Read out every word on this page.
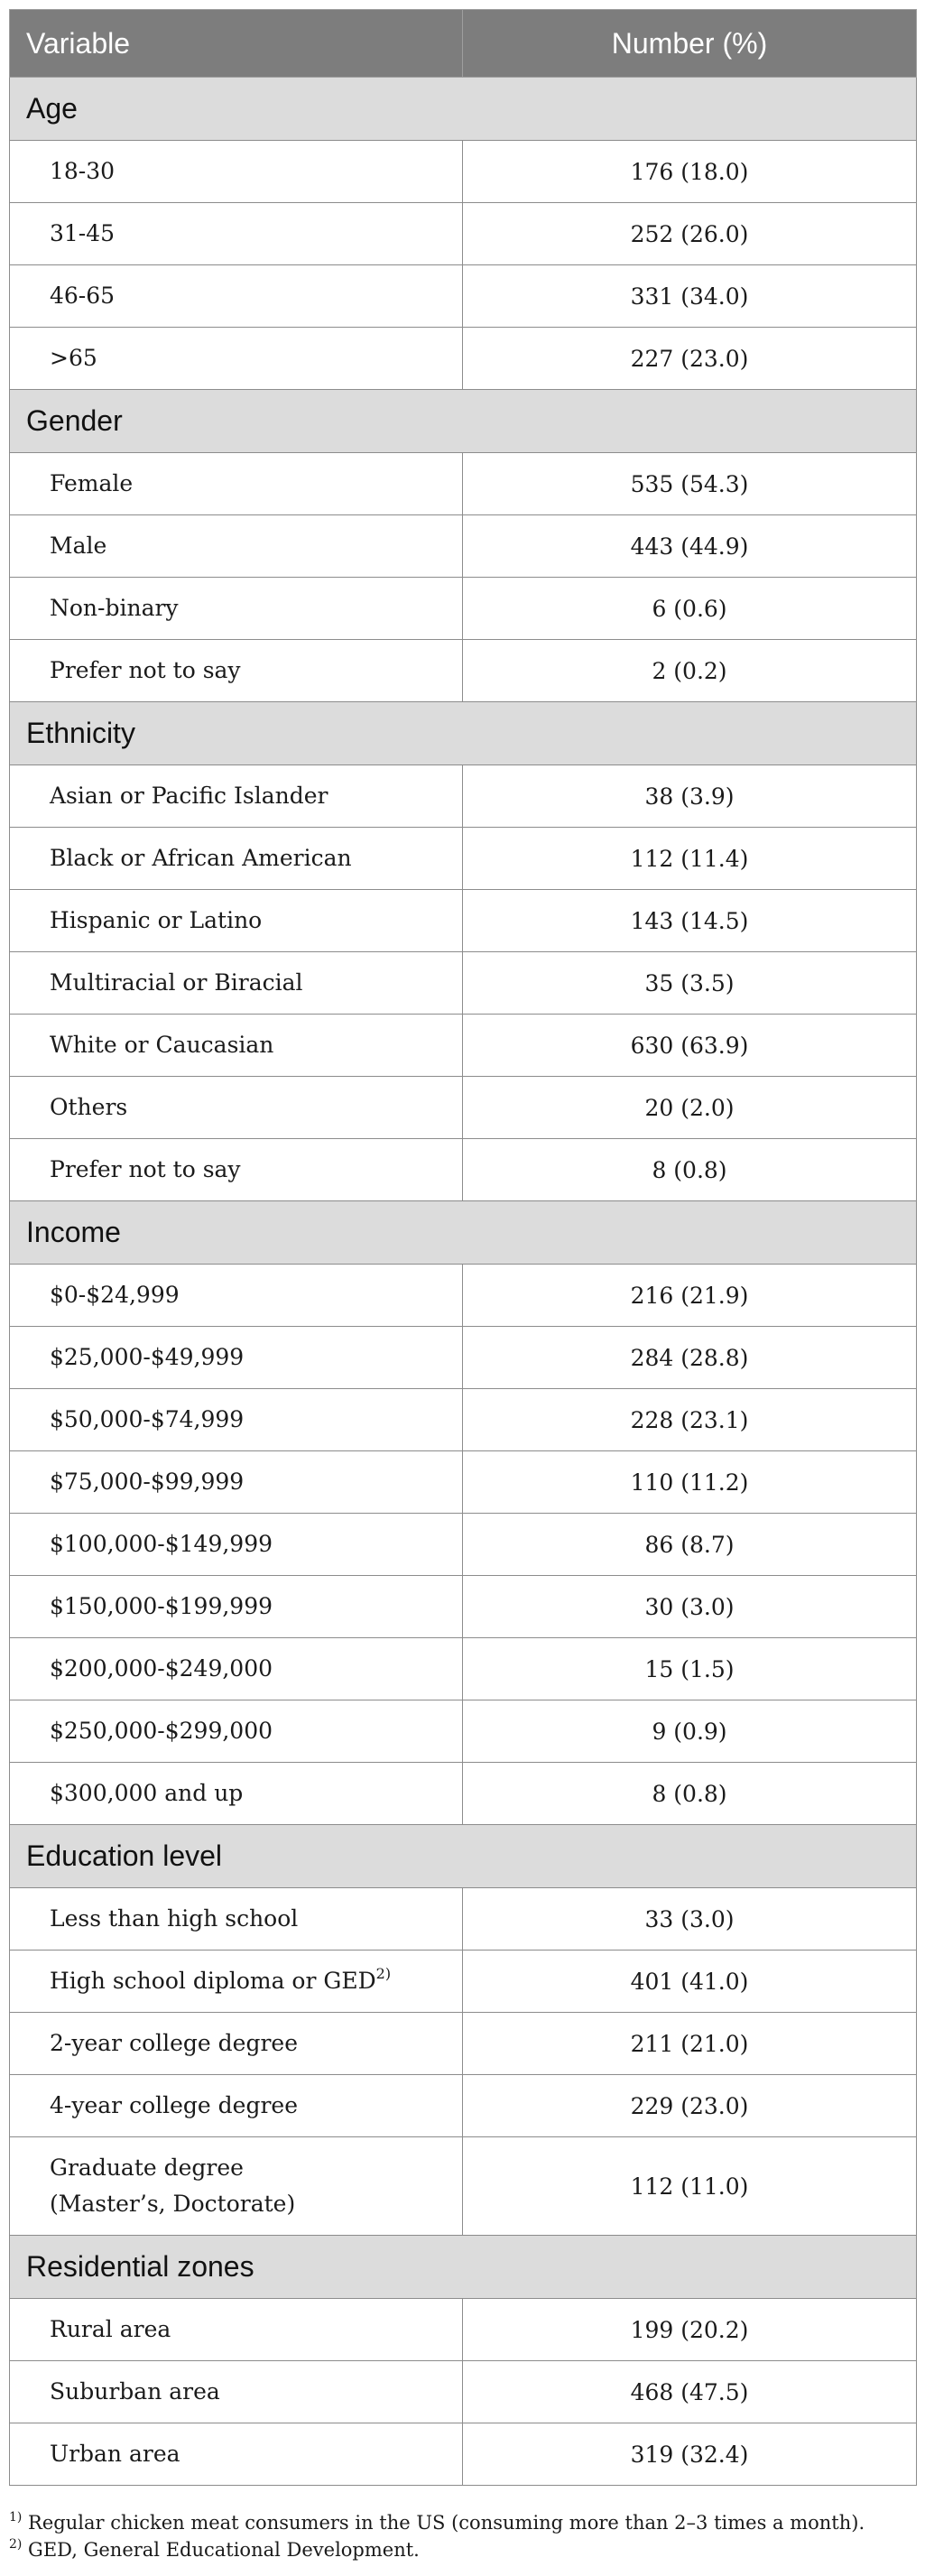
Variable	Number (%)
Age	
18-30	176 (18.0)
31-45	252 (26.0)
46-65	331 (34.0)
>65	227 (23.0)
Gender	
Female	535 (54.3)
Male	443 (44.9)
Non-binary	6 (0.6)
Prefer not to say	2 (0.2)
Ethnicity	
Asian or Pacific Islander	38 (3.9)
Black or African American	112 (11.4)
Hispanic or Latino	143 (14.5)
Multiracial or Biracial	35 (3.5)
White or Caucasian	630 (63.9)
Others	20 (2.0)
Prefer not to say	8 (0.8)
Income	
$0-$24,999	216 (21.9)
$25,000-$49,999	284 (28.8)
$50,000-$74,999	228 (23.1)
$75,000-$99,999	110 (11.2)
$100,000-$149,999	86 (8.7)
$150,000-$199,999	30 (3.0)
$200,000-$249,000	15 (1.5)
$250,000-$299,000	9 (0.9)
$300,000 and up	8 (0.8)
Education level	
Less than high school	33 (3.0)
High school diploma or GED$^{2)}$	401 (41.0)
2-year college degree	211 (21.0)
4-year college degree	229 (23.0)
Graduate degree
(Master’s, Doctorate)	112 (11.0)
Residential zones	
Rural area	199 (20.2)
Suburban area	468 (47.5)
Urban area	319 (32.4)
$^{1)}$ Regular chicken meat consumers in the US (consuming more than 2–3 times a month).
$^{2)}$ GED, General Educational Development.
